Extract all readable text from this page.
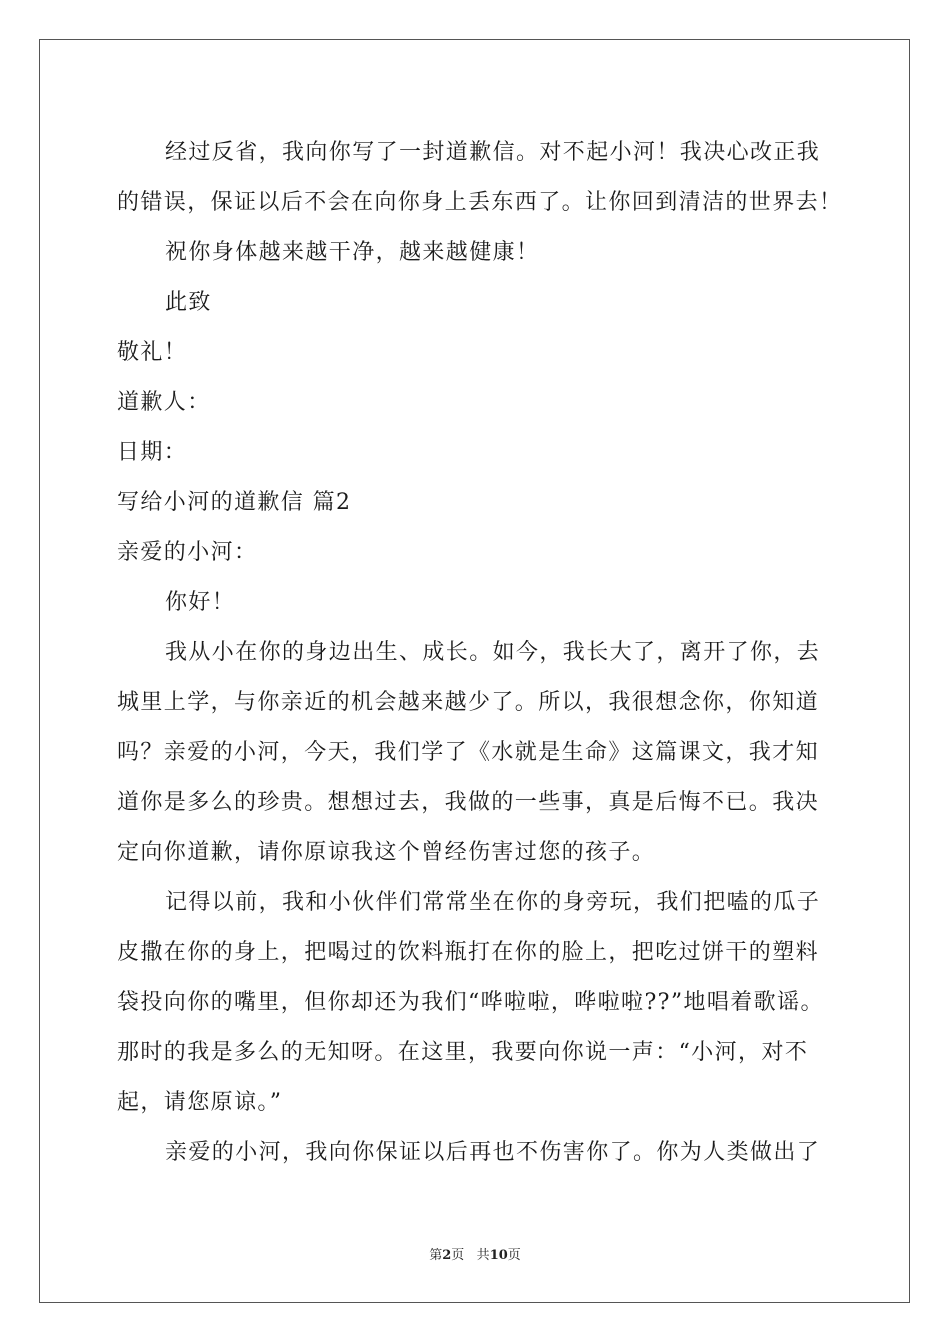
经过反省，我向你写了一封道歉信。对不起小河！我决心改正我
的错误，保证以后不会在向你身上丢东西了。让你回到清洁的世界去！
祝你身体越来越干净，越来越健康！
此致
敬礼！
道歉人：
日期：
写给小河的道歉信 篇2
亲爱的小河：
你好！
我从小在你的身边出生、成长。如今，我长大了，离开了你，去
城里上学，与你亲近的机会越来越少了。所以，我很想念你，你知道
吗？亲爱的小河，今天，我们学了《水就是生命》这篇课文，我才知
道你是多么的珍贵。想想过去，我做的一些事，真是后悔不已。我决
定向你道歉，请你原谅我这个曾经伤害过您的孩子。
记得以前，我和小伙伴们常常坐在你的身旁玩，我们把嗑的瓜子
皮撒在你的身上，把喝过的饮料瓶打在你的脸上，把吃过饼干的塑料
袋投向你的嘴里，但你却还为我们“哗啦啦，哗啦啦??”地唱着歌谣。
那时的我是多么的无知呀。在这里，我要向你说一声：“小河，对不
起，请您原谅。”
亲爱的小河，我向你保证以后再也不伤害你了。你为人类做出了
第2页 共10页
